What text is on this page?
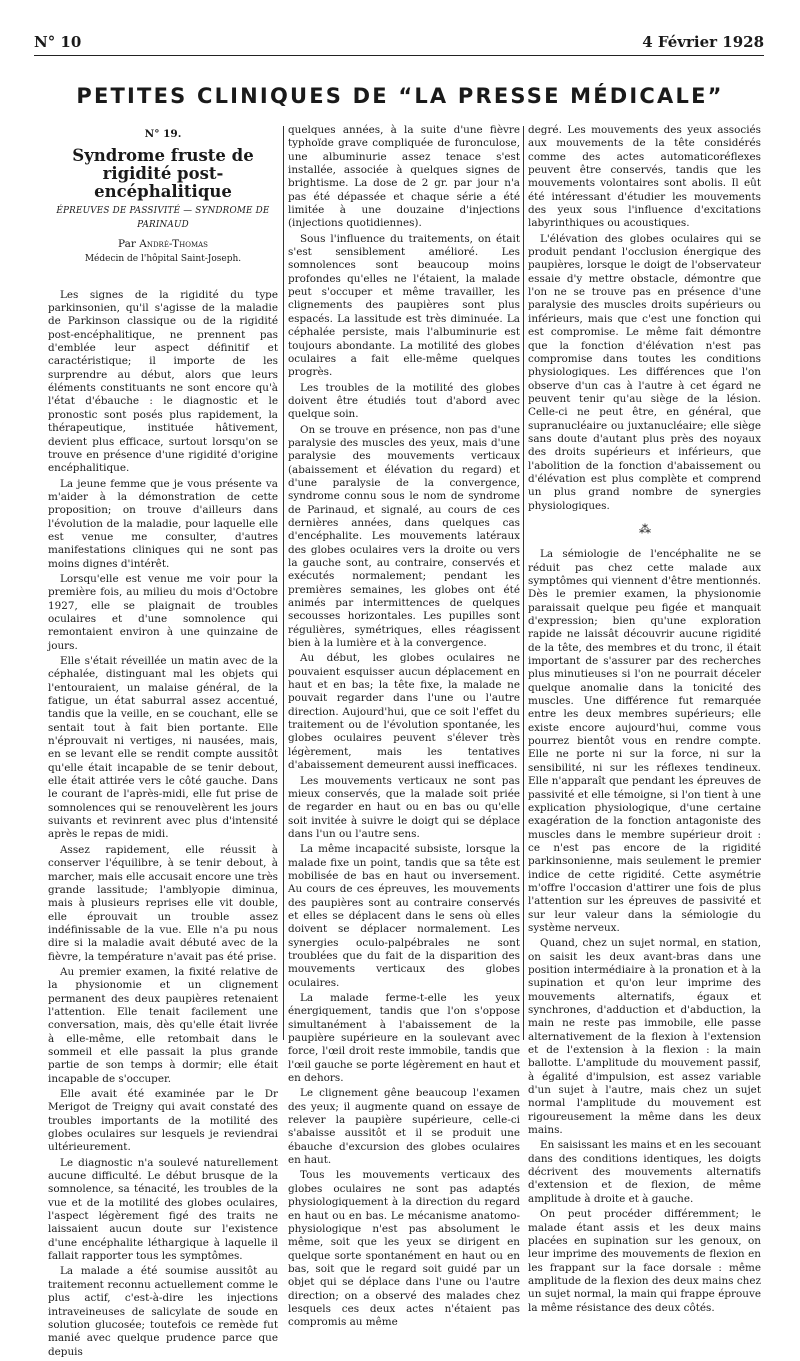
N° 10	4 Février 1928
PETITES CLINIQUES DE “LA PRESSE MÉDICALE”
N° 19.
Syndrome fruste de rigidité post-encéphalitique
ÉPREUVES DE PASSIVITÉ — SYNDROME DE PARINAUD
Par André-Thomas
Médecin de l'hôpital Saint-Joseph.

Les signes de la rigidité du type parkinsonien, qu'il s'agisse de la maladie de Parkinson classique ou de la rigidité post-encéphalitique, ne prennent pas d'emblée leur aspect définitif et caractéristique; il importe de les surprendre au début, alors que leurs éléments constituants ne sont encore qu'à l'état d'ébauche : le diagnostic et le pronostic sont posés plus rapidement, la thérapeutique, instituée hâtivement, devient plus efficace, surtout lorsqu'on se trouve en présence d'une rigidité d'origine encéphalitique.

La jeune femme que je vous présente va m'aider à la démonstration de cette proposition; on trouve d'ailleurs dans l'évolution de la maladie, pour laquelle elle est venue me consulter, d'autres manifestations cliniques qui ne sont pas moins dignes d'intérêt.

Lorsqu'elle est venue me voir pour la première fois, au milieu du mois d'Octobre 1927, elle se plaignait de troubles oculaires et d'une somnolence qui remontaient environ à une quinzaine de jours.

Elle s'était réveillée un matin avec de la céphalée, distinguant mal les objets qui l'entouraient, un malaise général, de la fatigue, un état saburral assez accentué, tandis que la veille, en se couchant, elle se sentait tout à fait bien portante. Elle n'éprouvait ni vertiges, ni nausées, mais, en se levant elle se rendit compte aussitôt qu'elle était incapable de se tenir debout, elle était attirée vers le côté gauche. Dans le courant de l'après-midi, elle fut prise de somnolences qui se renouvelèrent les jours suivants et revinrent avec plus d'intensité après le repas de midi.

Assez rapidement, elle réussit à conserver l'équilibre, à se tenir debout, à marcher, mais elle accusait encore une très grande lassitude; l'amblyopie diminua, mais à plusieurs reprises elle vit double, elle éprouvait un trouble assez indéfinissable de la vue. Elle n'a pu nous dire si la maladie avait débuté avec de la fièvre, la température n'avait pas été prise.

Au premier examen, la fixité relative de la physionomie et un clignement permanent des deux paupières retenaient l'attention. Elle tenait facilement une conversation, mais, dès qu'elle était livrée à elle-même, elle retombait dans le sommeil et elle passait la plus grande partie de son temps à dormir; elle était incapable de s'occuper.

Elle avait été examinée par le Dr Merigot de Treigny qui avait constaté des troubles importants de la motilité des globes oculaires sur lesquels je reviendrai ultérieurement.

Le diagnostic n'a soulevé naturellement aucune difficulté. Le début brusque de la somnolence, sa ténacité, les troubles de la vue et de la motilité des globes oculaires, l'aspect légèrement figé des traits ne laissaient aucun doute sur l'existence d'une encéphalite léthargique à laquelle il fallait rapporter tous les symptômes.

La malade a été soumise aussitôt au traitement reconnu actuellement comme le plus actif, c'est-à-dire les injections intraveineuses de salicylate de soude en solution glucosée; toutefois ce remède fut manié avec quelque prudence parce que depuis

quelques années, à la suite d'une fièvre typhoïde grave compliquée de furonculose, une albuminurie assez tenace s'est installée, associée à quelques signes de brightisme. La dose de 2 gr. par jour n'a pas été dépassée et chaque série a été limitée à une douzaine d'injections (injections quotidiennes).

Sous l'influence du traitements, on était s'est sensiblement amélioré. Les somnolences sont beaucoup moins profondes qu'elles ne l'étaient, la malade peut s'occuper et même travailler, les clignements des paupières sont plus espacés. La lassitude est très diminuée. La céphalée persiste, mais l'albuminurie est toujours abondante. La motilité des globes oculaires a fait elle-même quelques progrès.

Les troubles de la motilité des globes doivent être étudiés tout d'abord avec quelque soin.

On se trouve en présence, non pas d'une paralysie des muscles des yeux, mais d'une paralysie des mouvements verticaux (abaissement et élévation du regard) et d'une paralysie de la convergence, syndrome connu sous le nom de syndrome de Parinaud, et signalé, au cours de ces dernières années, dans quelques cas d'encéphalite. Les mouvements latéraux des globes oculaires vers la droite ou vers la gauche sont, au contraire, conservés et exécutés normalement; pendant les premières semaines, les globes ont été animés par intermittences de quelques secousses horizontales. Les pupilles sont régulières, symétriques, elles réagissent bien à la lumière et à la convergence.

Au début, les globes oculaires ne pouvaient esquisser aucun déplacement en haut et en bas; la tête fixe, la malade ne pouvait regarder dans l'une ou l'autre direction. Aujourd'hui, que ce soit l'effet du traitement ou de l'évolution spontanée, les globes oculaires peuvent s'élever très légèrement, mais les tentatives d'abaissement demeurent aussi inefficaces.

Les mouvements verticaux ne sont pas mieux conservés, que la malade soit priée de regarder en haut ou en bas ou qu'elle soit invitée à suivre le doigt qui se déplace dans l'un ou l'autre sens.

La même incapacité subsiste, lorsque la malade fixe un point, tandis que sa tête est mobilisée de bas en haut ou inversement. Au cours de ces épreuves, les mouvements des paupières sont au contraire conservés et elles se déplacent dans le sens où elles doivent se déplacer normalement. Les synergies oculo-palpébrales ne sont troublées que du fait de la disparition des mouvements verticaux des globes oculaires.

La malade ferme-t-elle les yeux énergiquement, tandis que l'on s'oppose simultanément à l'abaissement de la paupière supérieure en la soulevant avec force, l'œil droit reste immobile, tandis que l'œil gauche se porte légèrement en haut et en dehors.

Le clignement gêne beaucoup l'examen des yeux; il augmente quand on essaye de relever la paupière supérieure, celle-ci s'abaisse aussitôt et il se produit une ébauche d'excursion des globes oculaires en haut.

Tous les mouvements verticaux des globes oculaires ne sont pas adaptés physiologiquement à la direction du regard en haut ou en bas. Le mécanisme anatomo-physiologique n'est pas absolument le même, soit que les yeux se dirigent en quelque sorte spontanément en haut ou en bas, soit que le regard soit guidé par un objet qui se déplace dans l'une ou l'autre direction; on a observé des malades chez lesquels ces deux actes n'étaient pas compromis au même

degré. Les mouvements des yeux associés aux mouvements de la tête considérés comme des actes automaticoréflexes peuvent être conservés, tandis que les mouvements volontaires sont abolis. Il eût été intéressant d'étudier les mouvements des yeux sous l'influence d'excitations labyrinthiques ou acoustiques.

L'élévation des globes oculaires qui se produit pendant l'occlusion énergique des paupières, lorsque le doigt de l'observateur essaie d'y mettre obstacle, démontre que l'on ne se trouve pas en présence d'une paralysie des muscles droits supérieurs ou inférieurs, mais que c'est une fonction qui est compromise. Le même fait démontre que la fonction d'élévation n'est pas compromise dans toutes les conditions physiologiques. Les différences que l'on observe d'un cas à l'autre à cet égard ne peuvent tenir qu'au siège de la lésion. Celle-ci ne peut être, en général, que supranucléaire ou juxtanucléaire; elle siège sans doute d'autant plus près des noyaux des droits supérieurs et inférieurs, que l'abolition de la fonction d'abaissement ou d'élévation est plus complète et comprend un plus grand nombre de synergies physiologiques.

⁂

La sémiologie de l'encéphalite ne se réduit pas chez cette malade aux symptômes qui viennent d'être mentionnés. Dès le premier examen, la physionomie paraissait quelque peu figée et manquait d'expression; bien qu'une exploration rapide ne laissât découvrir aucune rigidité de la tête, des membres et du tronc, il était important de s'assurer par des recherches plus minutieuses si l'on ne pourrait déceler quelque anomalie dans la tonicité des muscles. Une différence fut remarquée entre les deux membres supérieurs; elle existe encore aujourd'hui, comme vous pourrez bientôt vous en rendre compte. Elle ne porte ni sur la force, ni sur la sensibilité, ni sur les réflexes tendineux. Elle n'apparaît que pendant les épreuves de passivité et elle témoigne, si l'on tient à une explication physiologique, d'une certaine exagération de la fonction antagoniste des muscles dans le membre supérieur droit : ce n'est pas encore de la rigidité parkinsonienne, mais seulement le premier indice de cette rigidité. Cette asymétrie m'offre l'occasion d'attirer une fois de plus l'attention sur les épreuves de passivité et sur leur valeur dans la sémiologie du système nerveux.

Quand, chez un sujet normal, en station, on saisit les deux avant-bras dans une position intermédiaire à la pronation et à la supination et qu'on leur imprime des mouvements alternatifs, égaux et synchrones, d'adduction et d'abduction, la main ne reste pas immobile, elle passe alternativement de la flexion à l'extension et de l'extension à la flexion : la main ballotte. L'amplitude du mouvement passif, à égalité d'impulsion, est assez variable d'un sujet à l'autre, mais chez un sujet normal l'amplitude du mouvement est rigoureusement la même dans les deux mains.

En saisissant les mains et en les secouant dans des conditions identiques, les doigts décrivent des mouvements alternatifs d'extension et de flexion, de même amplitude à droite et à gauche.

On peut procéder différemment; le malade étant assis et les deux mains placées en supination sur les genoux, on leur imprime des mouvements de flexion en les frappant sur la face dorsale : même amplitude de la flexion des deux mains chez un sujet normal, la main qui frappe éprouve la même résistance des deux côtés.
